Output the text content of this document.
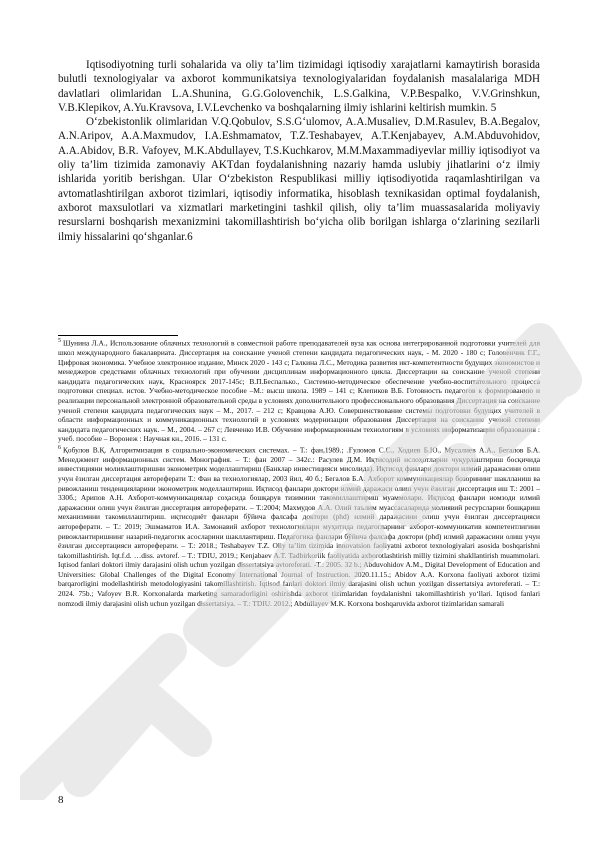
Iqtisodiyotning turli sohalarida va oliy ta’lim tizimidagi iqtisodiy xarajatlarni kamaytirish borasida bulutli texnologiyalar va axborot kommunikatsiya texnologiyalaridan foydalanish masalalariga MDH davlatlari olimlaridan L.A.Shunina, G.G.Golovenchik, L.S.Galkina, V.P.Bespalko, V.V.Grinshkun, V.B.Klepikov, A.Yu.Kravsova, I.V.Levchenko va boshqalarning ilmiy ishlarini keltirish mumkin. 5

O‘zbekistonlik olimlaridan V.Q.Qobulov, S.S.G‘ulomov, A.A.Musaliev, D.M.Rasulev, B.A.Begalov, A.N.Aripov, A.A.Maxmudov, I.A.Eshmamatov, T.Z.Teshabayev, A.T.Kenjabayev, A.M.Abduvohidov, A.A.Abidov, B.R. Vafoyev, M.K.Abdullayev, T.S.Kuchkarov, M.M.Maxammadiyevlar milliy iqtisodiyot va oliy ta’lim tizimida zamonaviy AKTdan foydalanishning nazariy hamda uslubiy jihatlarini o‘z ilmiy ishlarida yoritib berishgan. Ular O‘zbekiston Respublikasi milliy iqtisodiyotida raqamlashtirilgan va avtomatlashtirilgan axborot tizimlari, iqtisodiy informatika, hisoblash texnikasidan optimal foydalanish, axborot maxsulotlari va xizmatlari marketingini tashkil qilish, oliy ta’lim muassasalarida moliyaviy resurslarni boshqarish mexanizmini takomillashtirish bo‘yicha olib borilgan ishlarga o‘zlarining sezilarli ilmiy hissalarini qo‘shganlar.6

$^5$ Шунина Л.А., Использование облачных технологий в совместной работе преподавателей вуза как основа интегрированной подготовки учителей для школ международного бакалавриата. Диссертация на соискание ученой степени кандидата педагогических наук, - М. 2020 - 180 с; Головенчик Г.Г., Цифровая экономика. Учебное электронное издание, Минск 2020 - 143 с; Галкина Л.С., Методика развития икт-компетентности будущих экономистов и менеджеров средствами облачных технологий при обучении дисциплинам информационного цикла. Диссертации на соискание ученой степени кандидата педагогических наук, Красноярск 2017-145с; В.П.Беспалько., Системно-методическое обеспечение учебно-воспитательного процесса подготовки специал. истов. Учебно-методическое пособие –М.: высш школа. 1989 – 141 с; Клепиков В.Б. Готовность педагогов к формированию и реализации персональной электронной образовательной среды в условиях дополнительного профессионального образования Диссертация на соискание ученой степени кандидата педагогических наук – М., 2017. – 212 с; Кравцова А.Ю. Совершенствование системы подготовки будущих учителей в области информационных и коммуникационных технологий в условиях модернизации образования Диссертация на соискание ученой степени кандидата педагогических наук. – М., 2004. – 267 с; Левченко И.В. Обучение информационным технологиям в условиях информатизации образования : учеб. пособие – Воронеж : Научная кн., 2016. – 131 с.

$^6$ Қобулов В.Қ. Алгоритмизация в социально-экономических системах. – Т.: фан,1989.; .Ғуломов С.С., Ходиев Б.Ю., Мусалиев А.А., Бегалов Б.А. Менеджмент информационных систем. Монография. – Т.: фан 2007 – 342с.: Расулев Д.М. Иқтисодий ислоҳотларни чуқурлаштириш босқичида инвестицияни молиялаштиришни эконометрик моделлаштириш (Банклар инвестицияси мисолида). Иқтисод фанлари доктори илмий даражасини олиш учун ёзилган диссертация автореферати Т.: Фан ва технологиялар, 2003 йил, 40 б.; Бегалов Б.А. Ахборот коммуникациялар бозорининг шаклланиш ва ривожланиш тенденцияларини эконометрик моделлаштириш. Иқтисод фанлари доктори илмий даражаси олиш учун ёзилган диссертация иш Т.: 2001 – 330б.; Арипов А.Н. Ахборот-коммуникациялар соҳасида бошқарув тизимини такомиллаштириш муаммолари. Иқтисод фанлари номзоди илмий даражасини олиш учун ёзилган диссертация автореферати. – Т.:2004; Махмудов А.А. Олий таълим муассасаларида молиявий ресурсларни бошқариш механизмини такомиллаштириш. иқтисодиёт фанлари бўйича фалсафа доктори (phd) илмий даражасини олиш учун ёзилган диссертацияси автореферати. – Т.: 2019; Эшмаматов И.А. Замонавий ахборот технологиялари муҳитида педагогларнинг ахборот-коммуникатив компетентлигини ривожлантиришнинг назарий-педагогик асосларини шакллантириш. Педагогика фанлари бўйича фалсафа доктори (phd) илмий даражасини олиш учун ёзилган диссертацияси автореферати. – Т.: 2018.; Teshabayev T.Z. Oliy ta’lim tizimida innovatsion faoliyatni axborot texnologiyalari asosida boshqarishni takomillashtirish. Iqt.f.d. …diss. avtoref. – T.: TDIU, 2019.; Kenjabaev A.T. Tadbirkorlik faoliyatida axborotlashtirish milliy tizimini shakllantirish muammolari. Iqtisod fanlari doktori ilmiy darajasini olish uchun yozilgan dissertatsiya avtoreferati. -T.: 2005. 32 b.; Abduvohidov A.M., Digital Development of Education and Universities: Global Challenges of the Digital Economy International Journal of Instruction. 2020.11.15.; Abidov A.A. Korxona faoliyati axborot tizimi barqarorligini modellashtirish metodologiyasini takomillashtirish. Iqtisod fanlari doktori ilmiy darajasini olish uchun yozilgan dissertatsiya avtoreferati. – T.: 2024. 75b.; Vafoyev B.R. Korxonalarda marketing samaradorligini oshirishda axborot tizimlaridan foydalanishni takomillashtirish yo‘llari. Iqtisod fanlari nomzodi ilmiy darajasini olish uchun yozilgan dissertatsiya. – T.: TDIU. 2012.; Abdullayev M.K. Korxona boshqaruvida axborot tizimlaridan samarali

8
